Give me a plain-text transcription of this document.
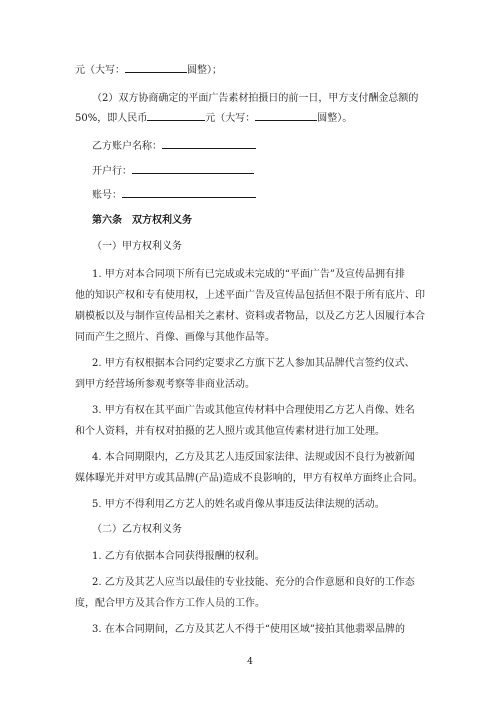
元（大写：	圆整）；
（2）双方协商确定的平面广告素材拍摄日的前一日，甲方支付酬金总额的
50%，即人民币	元（大写：	圆整）。
乙方账户名称：
开户行：
账号：
第六条　双方权利义务
（一）甲方权利义务
1. 甲方对本合同项下所有已完成或未完成的“平面广告”及宣传品拥有排
他的知识产权和专有使用权，上述平面广告及宣传品包括但不限于所有底片、印
刷模板以及与制作宣传品相关之素材、资料或者物品，以及乙方艺人因履行本合
同而产生之照片、肖像、画像与其他作品等。
2. 甲方有权根据本合同约定要求乙方旗下艺人参加其品牌代言签约仪式、
到甲方经营场所参观考察等非商业活动。
3. 甲方有权在其平面广告或其他宣传材料中合理使用乙方艺人肖像、姓名
和个人资料，并有权对拍摄的艺人照片或其他宣传素材进行加工处理。
4. 本合同期限内，乙方及其艺人违反国家法律、法规或因不良行为被新闻
媒体曝光并对甲方或其品牌(产品)造成不良影响的，甲方有权单方面终止合同。
5. 甲方不得利用乙方艺人的姓名或肖像从事违反法律法规的活动。
（二）乙方权利义务
1. 乙方有依据本合同获得报酬的权利。
2. 乙方及其艺人应当以最佳的专业技能、充分的合作意愿和良好的工作态
度，配合甲方及其合作方工作人员的工作。
3. 在本合同期间，乙方及其艺人不得于“使用区域”接拍其他翡翠品牌的
4
